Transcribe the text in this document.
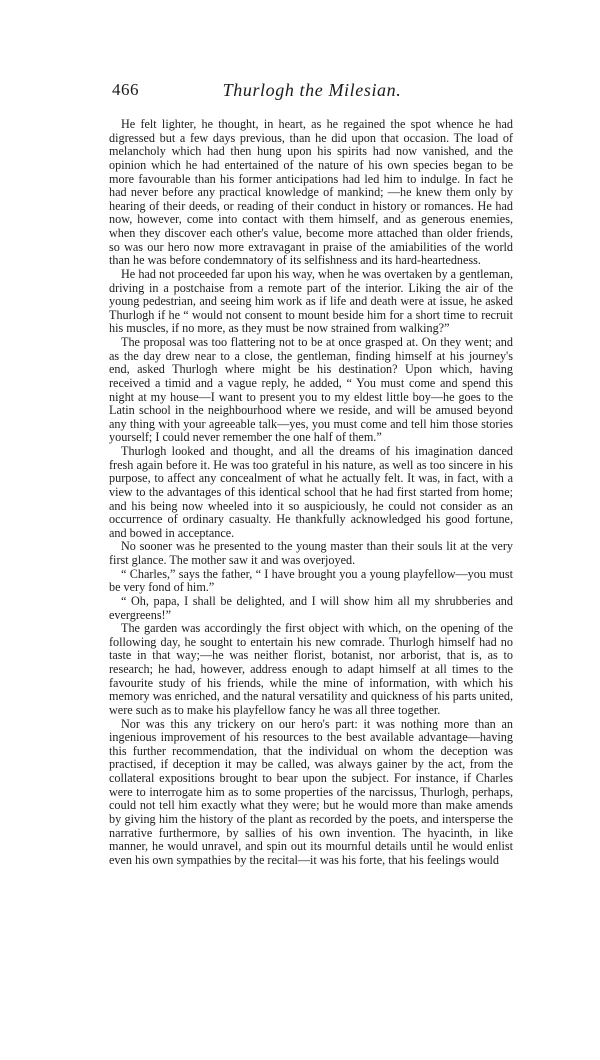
466	Thurlogh the Milesian.

He felt lighter, he thought, in heart, as he regained the spot whence he had digressed but a few days previous, than he did upon that occasion. The load of melancholy which had then hung upon his spirits had now vanished, and the opinion which he had entertained of the nature of his own species began to be more favourable than his former anticipations had led him to indulge. In fact he had never before any practical knowledge of mankind; —he knew them only by hearing of their deeds, or reading of their conduct in history or romances. He had now, however, come into contact with them himself, and as generous enemies, when they discover each other's value, become more attached than older friends, so was our hero now more extravagant in praise of the amiabilities of the world than he was before condemnatory of its selfishness and its hard-heartedness.

He had not proceeded far upon his way, when he was overtaken by a gentleman, driving in a postchaise from a remote part of the interior. Liking the air of the young pedestrian, and seeing him work as if life and death were at issue, he asked Thurlogh if he “ would not consent to mount beside him for a short time to recruit his muscles, if no more, as they must be now strained from walking?”

The proposal was too flattering not to be at once grasped at. On they went; and as the day drew near to a close, the gentleman, finding himself at his journey's end, asked Thurlogh where might be his destination? Upon which, having received a timid and a vague reply, he added, “ You must come and spend this night at my house—I want to present you to my eldest little boy—he goes to the Latin school in the neighbourhood where we reside, and will be amused beyond any thing with your agreeable talk—yes, you must come and tell him those stories yourself; I could never remember the one half of them.”

Thurlogh looked and thought, and all the dreams of his imagination danced fresh again before it. He was too grateful in his nature, as well as too sincere in his purpose, to affect any concealment of what he actually felt. It was, in fact, with a view to the advantages of this identical school that he had first started from home; and his being now wheeled into it so auspiciously, he could not consider as an occurrence of ordinary casualty. He thankfully acknowledged his good fortune, and bowed in acceptance.

No sooner was he presented to the young master than their souls lit at the very first glance. The mother saw it and was overjoyed.

“ Charles,” says the father, “ I have brought you a young playfellow—you must be very fond of him.”

“ Oh, papa, I shall be delighted, and I will show him all my shrubberies and evergreens!”

The garden was accordingly the first object with which, on the opening of the following day, he sought to entertain his new comrade. Thurlogh himself had no taste in that way;—he was neither florist, botanist, nor arborist, that is, as to research; he had, however, address enough to adapt himself at all times to the favourite study of his friends, while the mine of information, with which his memory was enriched, and the natural versatility and quickness of his parts united, were such as to make his playfellow fancy he was all three together.

Nor was this any trickery on our hero's part: it was nothing more than an ingenious improvement of his resources to the best available advantage—having this further recommendation, that the individual on whom the deception was practised, if deception it may be called, was always gainer by the act, from the collateral expositions brought to bear upon the subject. For instance, if Charles were to interrogate him as to some properties of the narcissus, Thurlogh, perhaps, could not tell him exactly what they were; but he would more than make amends by giving him the history of the plant as recorded by the poets, and intersperse the narrative furthermore, by sallies of his own invention. The hyacinth, in like manner, he would unravel, and spin out its mournful details until he would enlist even his own sympathies by the recital—it was his forte, that his feelings would
